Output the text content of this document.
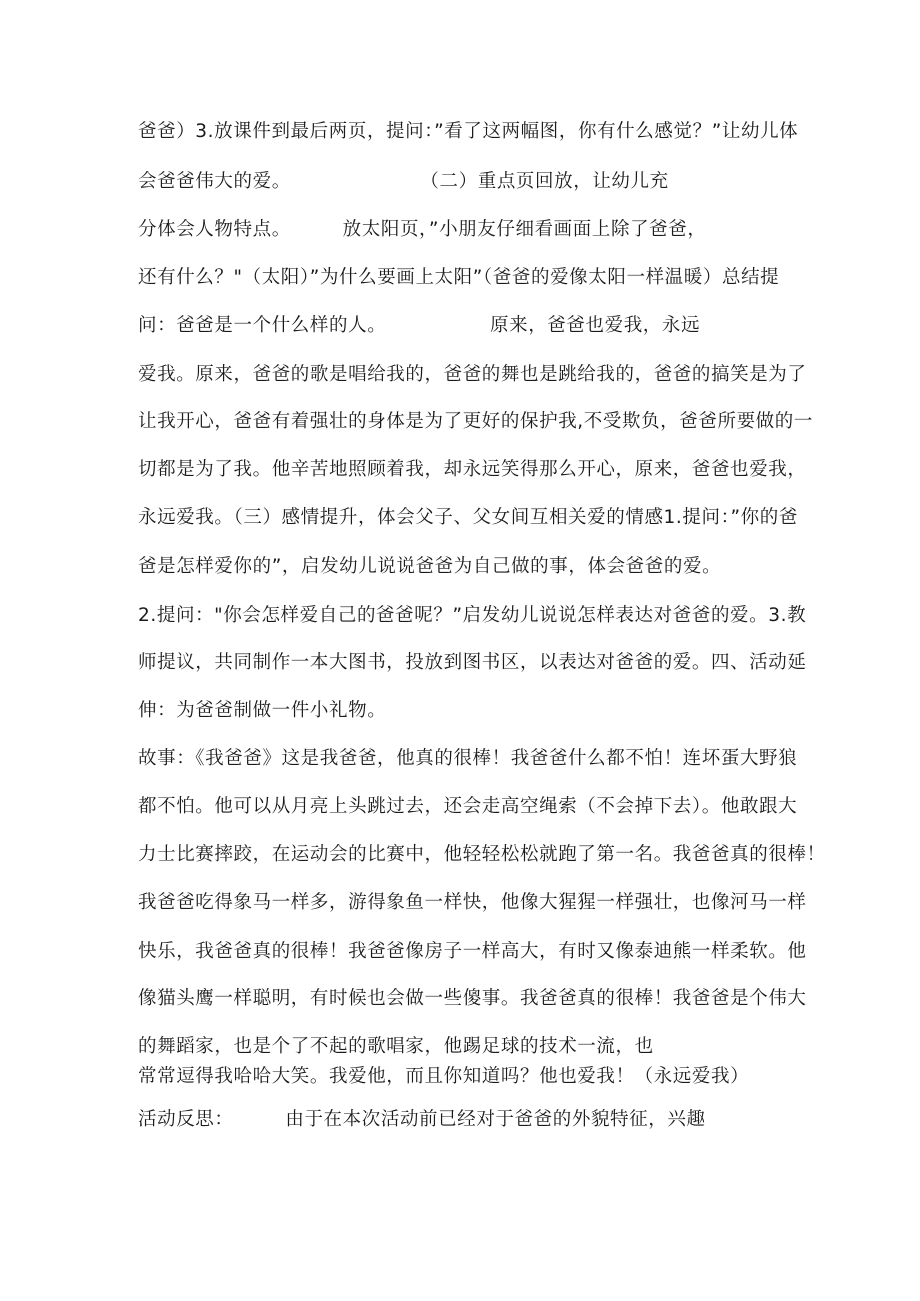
爸爸）3.放课件到最后两页，提问：”看了这两幅图，你有什么感觉？”让幼儿体
会爸爸伟大的爱。                    （二）重点页回放，让幼儿充
分体会人物特点。        放太阳页，”小朋友仔细看画面上除了爸爸，
还有什么？"（太阳）”为什么要画上太阳”（爸爸的爱像太阳一样温暖）总结提
问：爸爸是一个什么样的人。                原来，爸爸也爱我，永远
爱我。原来，爸爸的歌是唱给我的，爸爸的舞也是跳给我的，爸爸的搞笑是为了
让我开心，爸爸有着强壮的身体是为了更好的保护我,不受欺负，爸爸所要做的一
切都是为了我。他辛苦地照顾着我，却永远笑得那么开心，原来，爸爸也爱我，
永远爱我。（三）感情提升，体会父子、父女间互相关爱的情感1.提问：”你的爸
爸是怎样爱你的”，启发幼儿说说爸爸为自己做的事，体会爸爸的爱。
2.提问："你会怎样爱自己的爸爸呢？”启发幼儿说说怎样表达对爸爸的爱。3.教
师提议，共同制作一本大图书，投放到图书区，以表达对爸爸的爱。四、活动延
伸：为爸爸制做一件小礼物。
故事：《我爸爸》这是我爸爸，他真的很棒！我爸爸什么都不怕！连坏蛋大野狼
都不怕。他可以从月亮上头跳过去，还会走高空绳索（不会掉下去）。他敢跟大
力士比赛摔跤，在运动会的比赛中，他轻轻松松就跑了第一名。我爸爸真的很棒！
我爸爸吃得象马一样多，游得象鱼一样快，他像大猩猩一样强壮，也像河马一样
快乐，我爸爸真的很棒！我爸爸像房子一样高大，有时又像泰迪熊一样柔软。他
像猫头鹰一样聪明，有时候也会做一些傻事。我爸爸真的很棒！我爸爸是个伟大
的舞蹈家，也是个了不起的歌唱家，他踢足球的技术一流，也
常常逗得我哈哈大笑。我爱他，而且你知道吗？他也爱我！（永远爱我）
活动反思：        由于在本次活动前已经对于爸爸的外貌特征，兴趣
